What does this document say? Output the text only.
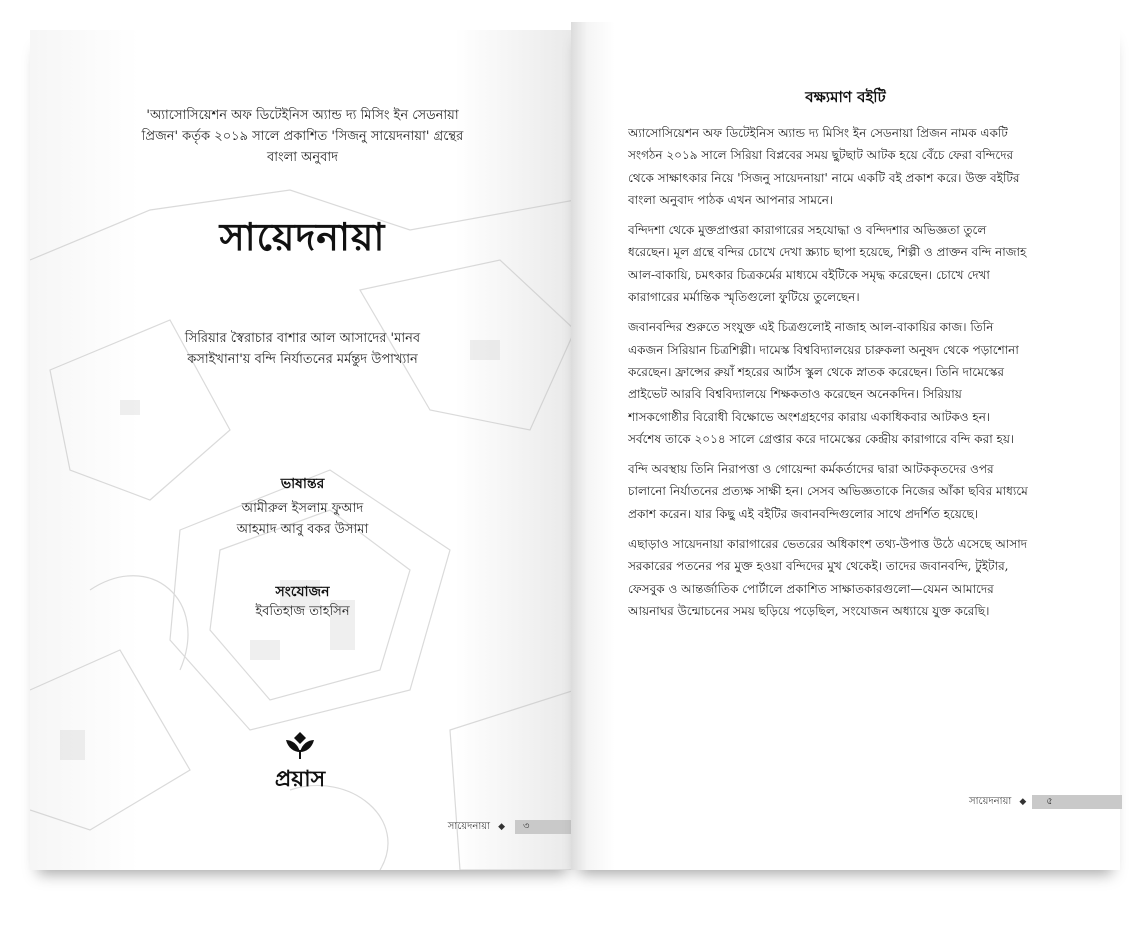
'অ্যাসোসিয়েশন অফ ডিটেইনিস অ্যান্ড দ্য মিসিং ইন সেডনায়া
প্রিজন' কর্তৃক ২০১৯ সালে প্রকাশিত 'সিজনু সায়েদনায়া' গ্রন্থের
বাংলা অনুবাদ
সায়েদনায়া
সিরিয়ার স্বৈরাচার বাশার আল আসাদের 'মানব
কসাইখানা'য় বন্দি নির্যাতনের মর্মন্তুদ উপাখ্যান
ভাষান্তর
আমীরুল ইসলাম ফুআদ
আহমাদ আবু বকর উসামা
সংযোজন
ইবতিহাজ তাহসিন
প্রয়াস
সায়েদনায়া ◆ ৩
বক্ষ্যমাণ বইটি
অ্যাসোসিয়েশন অফ ডিটেইনিস অ্যান্ড দ্য মিসিং ইন সেডনায়া প্রিজন নামক একটি
সংগঠন ২০১৯ সালে সিরিয়া বিপ্লবের সময় ছুটছাট আটক হয়ে বেঁচে ফেরা বন্দিদের
থেকে সাক্ষাৎকার নিয়ে 'সিজনু সায়েদনায়া' নামে একটি বই প্রকাশ করে। উক্ত বইটির
বাংলা অনুবাদ পাঠক এখন আপনার সামনে।
বন্দিদশা থেকে মুক্তপ্রাপ্তরা কারাগারের সহযোদ্ধা ও বন্দিদশার অভিজ্ঞতা তুলে
ধরেছেন। মূল গ্রন্থে বন্দির চোখে দেখা স্ক্র্যাচ ছাপা হয়েছে, শিল্পী ও প্রাক্তন বন্দি নাজাহ
আল-বাকায়ি, চমৎকার চিত্রকর্মের মাধ্যমে বইটিকে সমৃদ্ধ করেছেন। চোখে দেখা
কারাগারের মর্মান্তিক স্মৃতিগুলো ফুটিয়ে তুলেছেন।
জবানবন্দির শুরুতে সংযুক্ত এই চিত্রগুলোই নাজাহ আল-বাকায়ির কাজ। তিনি
একজন সিরিয়ান চিত্রশিল্পী। দামেস্ক বিশ্ববিদ্যালয়ের চারুকলা অনুষদ থেকে পড়াশোনা
করেছেন। ফ্রান্সের রুয়াঁ শহরের আর্টস স্কুল থেকে স্নাতক করেছেন। তিনি দামেস্কের
প্রাইভেট আরবি বিশ্ববিদ্যালয়ে শিক্ষকতাও করেছেন অনেকদিন। সিরিয়ায়
শাসকগোষ্ঠীর বিরোধী বিক্ষোভে অংশগ্রহণের কারায় একাধিকবার আটকও হন।
সর্বশেষ তাকে ২০১৪ সালে গ্রেপ্তার করে দামেস্কের কেন্দ্রীয় কারাগারে বন্দি করা হয়।
বন্দি অবস্থায় তিনি নিরাপত্তা ও গোয়েন্দা কর্মকর্তাদের দ্বারা আটককৃতদের ওপর
চালানো নির্যাতনের প্রত্যক্ষ সাক্ষী হন। সেসব অভিজ্ঞতাকে নিজের আঁকা ছবির মাধ্যমে
প্রকাশ করেন। যার কিছু এই বইটির জবানবন্দিগুলোর সাথে প্রদর্শিত হয়েছে।
এছাড়াও সায়েদনায়া কারাগারের ভেতরের অধিকাংশ তথ্য-উপাত্ত উঠে এসেছে আসাদ
সরকারের পতনের পর মুক্ত হওয়া বন্দিদের মুখ থেকেই। তাদের জবানবন্দি, টুইটার,
ফেসবুক ও আন্তর্জাতিক পোর্টালে প্রকাশিত সাক্ষাতকারগুলো—যেমন আমাদের
আয়নাঘর উন্মোচনের সময় ছড়িয়ে পড়েছিল, সংযোজন অধ্যায়ে যুক্ত করেছি।
সায়েদনায়া ◆ ৫
